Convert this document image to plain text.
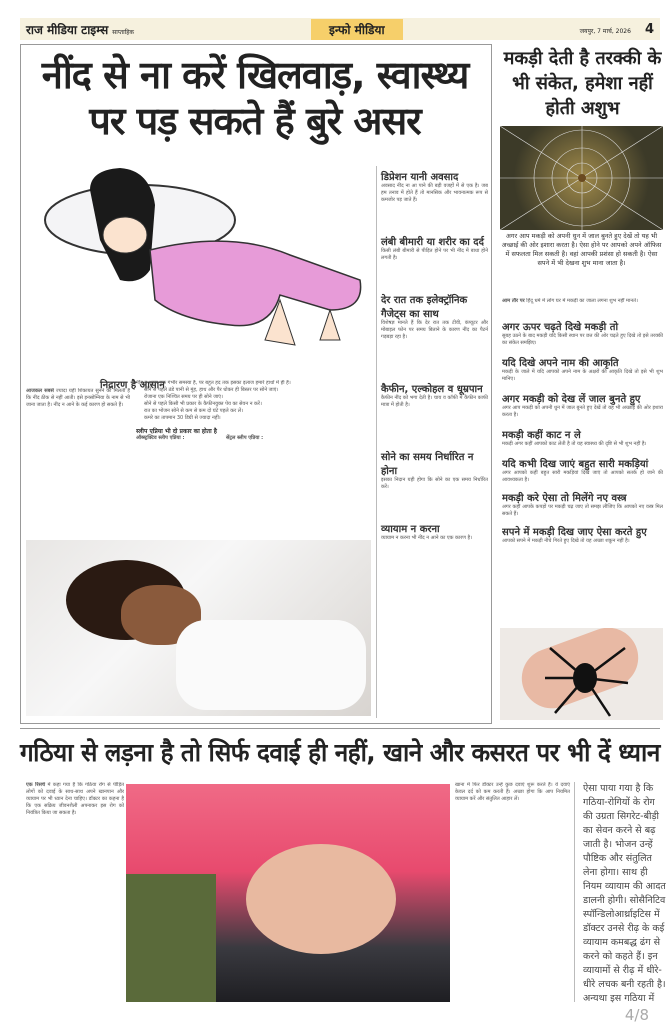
राज मीडिया टाइम्स साप्ताहिक	इन्फो मीडिया	जयपुर, 7 मार्च, 2026 4
नींद से ना करें खिलवाड़, स्वास्थ्य पर पड़ सकते हैं बुरे असर
निद्रारण है आसान
आजकल सबसे ज्यादा यही शिकायत सुनने को मिलती है कि नींद ठीक से नहीं आती। इसे इनसोम्निया के नाम से भी जाना जाता है। नींद न आने के कई कारण हो सकते हैं।
नींद न आना एक गंभीर समस्या है, पर बहुत हद तक इसका इलाज हमारे हाथों में ही है।
• सोने से पहले ठंडे पानी से मुंह, हाथ और पैर धोकर ही बिस्तर पर सोने जाएं।
• रोजाना एक निश्चित समय पर ही सोने जाएं।
• सोने से पहले किसी भी प्रकार के कैफीनयुक्त पेय का सेवन न करें।
• रात का भोजन सोने से कम से कम दो घंटे पहले कर लें।
• कमरे का तापमान 30 डिग्री से ज्यादा नहीं।
स्लीप एप्निया भी दो प्रकार का होता है
ऑब्स्ट्रक्टिव स्लीप एप्निया :	सेंट्रल स्लीप एप्निया :
डिप्रेशन यानी अवसाद
अवसाद नींद ना आ पाने की बड़ी वजहों में से एक है। जब हम तनाव में होते हैं तो मानसिक और भावनात्मक रूप से कमजोर पड़ जाते हैं।
लंबी बीमारी या शरीर का दर्द
किसी लंबी बीमारी से पीड़ित होने पर भी नींद में बाधा होने लगती है।
देर रात तक इलेक्ट्रॉनिक गैजेट्स का साथ
विशेषज्ञ मानते हैं कि देर रात तक टीवी, कंप्यूटर और मोबाइल फोन पर समय बिताने के कारण नींद का पैटर्न गड़बड़ा रहा है।
कैफीन, एल्कोहल व धूम्रपान
कैफीन नींद को भगा देती है। चाय व कॉफी में कैफीन काफी मात्रा में होती है।
सोने का समय निर्धारित न होना
इसका निदान यही होगा कि सोने का एक समय निर्धारित करें।
व्यायाम न करना
व्यायाम न करना भी नींद न आने का एक कारण है।
मकड़ी देती है तरक्की के भी संकेत, हमेशा नहीं होती अशुभ
अगर आप मकड़ी को अपनी धुन में जाल बुनते हुए देखें तो यह भी अच्छाई की ओर इशारा करता है। ऐसा होने पर आपको अपने ऑफिस में सफलता मिल सकती है। वहां आपकी प्रशंसा हो सकती है। ऐसा सपने में भी देखना शुभ माना जाता है।
आम तौर पर हिंदू धर्म में लोग घर में मकड़ी का जाला लगना शुभ नहीं मानते।
अगर ऊपर चढ़ते दिखे मकड़ी तो
सुबह उठने के बाद मकड़ी यदि किसी स्थान पर छत की ओर चढ़ते हुए दिखे तो इसे तरक्की का संकेत समझिए।
यदि दिखे अपने नाम की आकृति
मकड़ी के जाले में यदि आपको अपने नाम के अक्षरों की आकृति दिखे तो इसे भी शुभ मानिए।
अगर मकड़ी को देख लें जाल बुनते हुए
अगर आप मकड़ी को अपनी धुन में जाल बुनते हुए देखें तो यह भी अच्छाई की ओर इशारा करता है।
मकड़ी कहीं काट न ले
मकड़ी अगर कहीं आपको काट लेती है तो यह स्वास्थ्य की दृष्टि से भी शुभ नहीं है।
यदि कभी दिख जाएं बहुत सारी मकड़ियां
अगर आपको कहीं बहुत सारी मकड़ियां दिख जाएं तो आपको सतर्क हो जाने की आवश्यकता है।
मकड़ी करे ऐसा तो मिलेंगे नए वस्त्र
अगर कहीं आपके कपड़ों पर मकड़ी चढ़ जाए तो समझ लीजिए कि आपको नए वस्त्र मिल सकते हैं।
सपने में मकड़ी दिख जाए ऐसा करते हुए
आपको सपने में मकड़ी नीचे गिरते हुए दिखे तो यह अच्छा शकुन नहीं है।
एक रिसर्च में कहा गया है कि गठिया रोग से पीड़ित लोगों को दवाई के साथ-साथ अपने खानपान और व्यायाम पर भी ध्यान देना चाहिए। डॉक्टर का कहना है कि एक सक्रिय जीवनशैली अपनाकर इस रोग को नियंत्रित किया जा सकता है।
गठिया से लड़ना है तो सिर्फ दवाई ही नहीं, खाने और कसरत पर भी दें ध्यान
खाना में फिर डॉक्टर उन्हें कुछ दवाएं शुरू करते हैं। ये दवाएं केवल दर्द को कम करती हैं। अच्छा होगा कि आप नियमित व्यायाम करें और संतुलित आहार लें।
ऐसा पाया गया है कि गठिया-रोगियों के रोग की उग्रता सिगरेट-बीड़ी का सेवन करने से बढ़ जाती है। भोजन उन्हें पौष्टिक और संतुलित लेना होगा। साथ ही नियम व्यायाम की आदत डालनी होगी। सोसैनिटिव स्पॉन्डिलोआर्थ्राइटिस में डॉक्टर उनसे रीढ़ के कई व्यायाम कमबद्ध ढंग से करने को कहते हैं। इन व्यायामों से रीढ़ में धीरे-धीरे लचक बनी रहती है। अन्यथा इस गठिया में
4/8
